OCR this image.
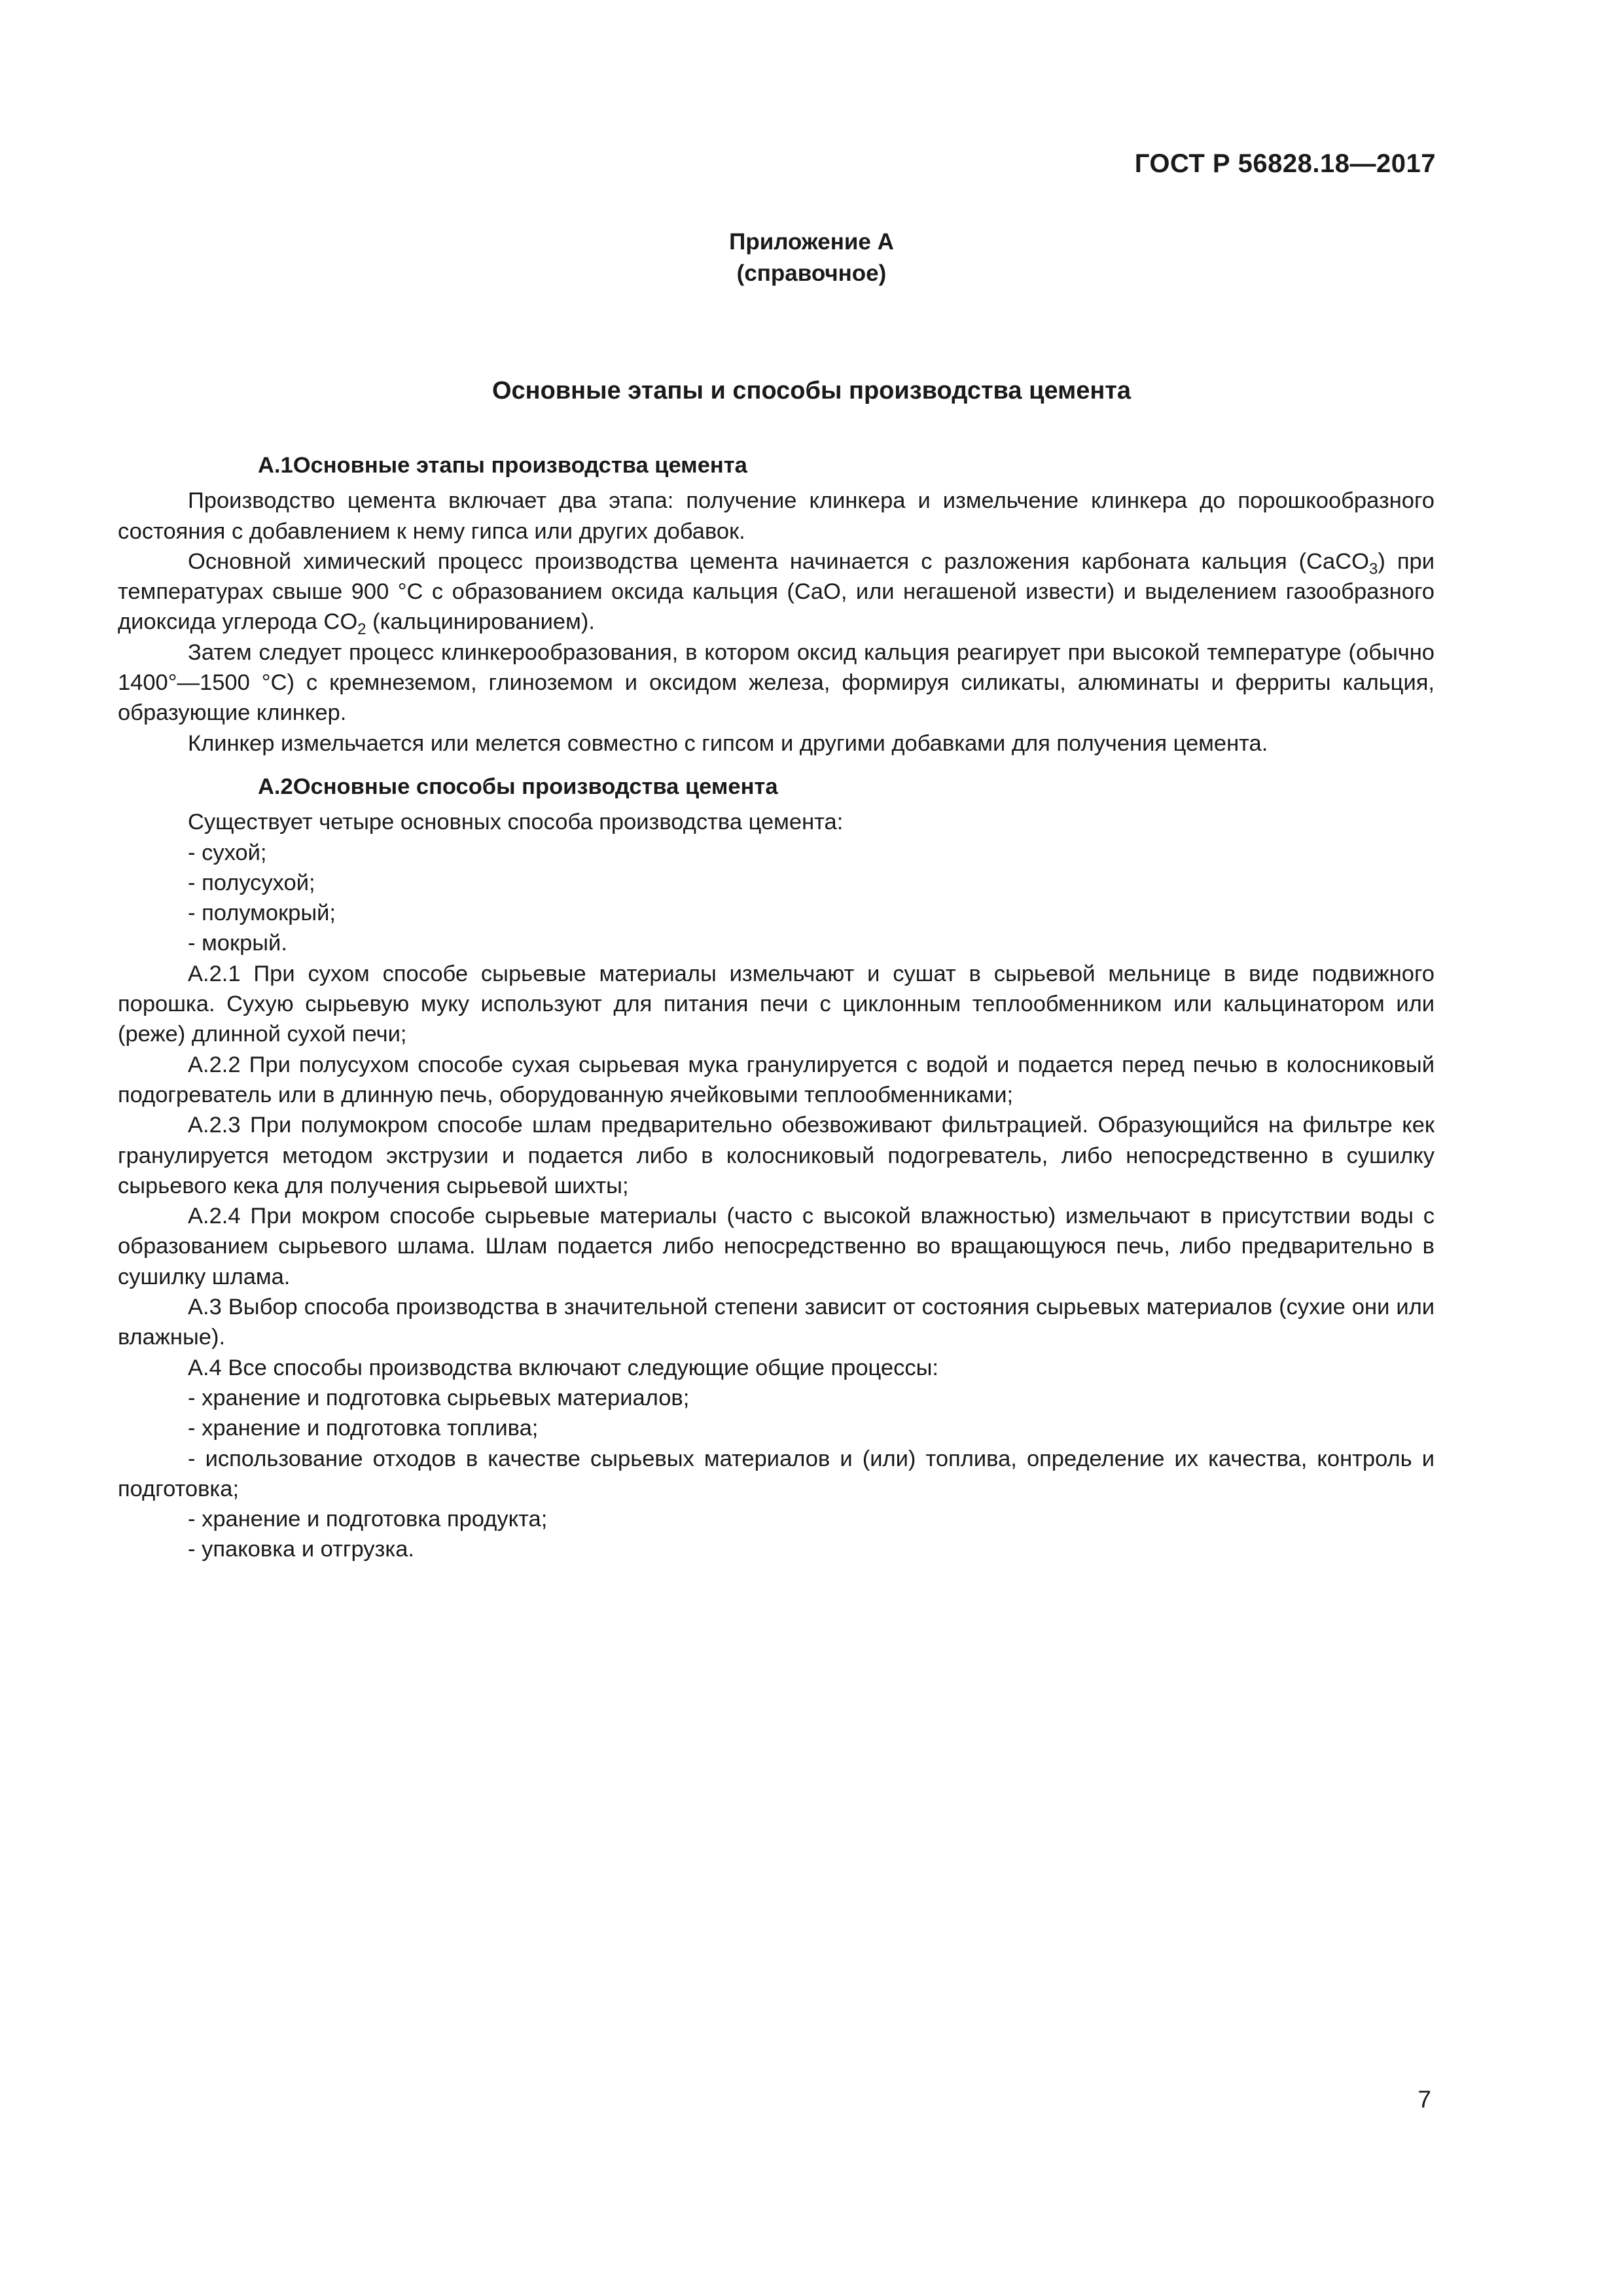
ГОСТ Р 56828.18—2017
Приложение А
(справочное)
Основные этапы и способы производства цемента

А.1Основные этапы производства цемента

Производство цемента включает два этапа: получение клинкера и измельчение клинкера до порошкообразного состояния с добавлением к нему гипса или других добавок.

Основной химический процесс производства цемента начинается с разложения карбоната кальция (CaCO$_3$) при температурах свыше 900 °С с образованием оксида кальция (CaO, или негашеной извести) и выделением газообразного диоксида углерода $CO_2$ (кальцинированием).

Затем следует процесс клинкерообразования, в котором оксид кальция реагирует при высокой температуре (обычно 1400°—1500 °С) с кремнеземом, глиноземом и оксидом железа, формируя силикаты, алюминаты и ферриты кальция, образующие клинкер.

Клинкер измельчается или мелется совместно с гипсом и другими добавками для получения цемента.

А.2Основные способы производства цемента

Существует четыре основных способа производства цемента:

- сухой;

- полусухой;

- полумокрый;

- мокрый.

А.2.1 При сухом способе сырьевые материалы измельчают и сушат в сырьевой мельнице в виде подвижного порошка. Сухую сырьевую муку используют для питания печи с циклонным теплообменником или кальцинатором или (реже) длинной сухой печи;

А.2.2 При полусухом способе сухая сырьевая мука гранулируется с водой и подается перед печью в колосниковый подогреватель или в длинную печь, оборудованную ячейковыми теплообменниками;

А.2.3 При полумокром способе шлам предварительно обезвоживают фильтрацией. Образующийся на фильтре кек гранулируется методом экструзии и подается либо в колосниковый подогреватель, либо непосредственно в сушилку сырьевого кека для получения сырьевой шихты;

А.2.4 При мокром способе сырьевые материалы (часто с высокой влажностью) измельчают в присутствии воды с образованием сырьевого шлама. Шлам подается либо непосредственно во вращающуюся печь, либо предварительно в сушилку шлама.

А.3 Выбор способа производства в значительной степени зависит от состояния сырьевых материалов (сухие они или влажные).

А.4 Все способы производства включают следующие общие процессы:

- хранение и подготовка сырьевых материалов;

- хранение и подготовка топлива;

- использование отходов в качестве сырьевых материалов и (или) топлива, определение их качества, контроль и подготовка;

- хранение и подготовка продукта;

- упаковка и отгрузка.

7
